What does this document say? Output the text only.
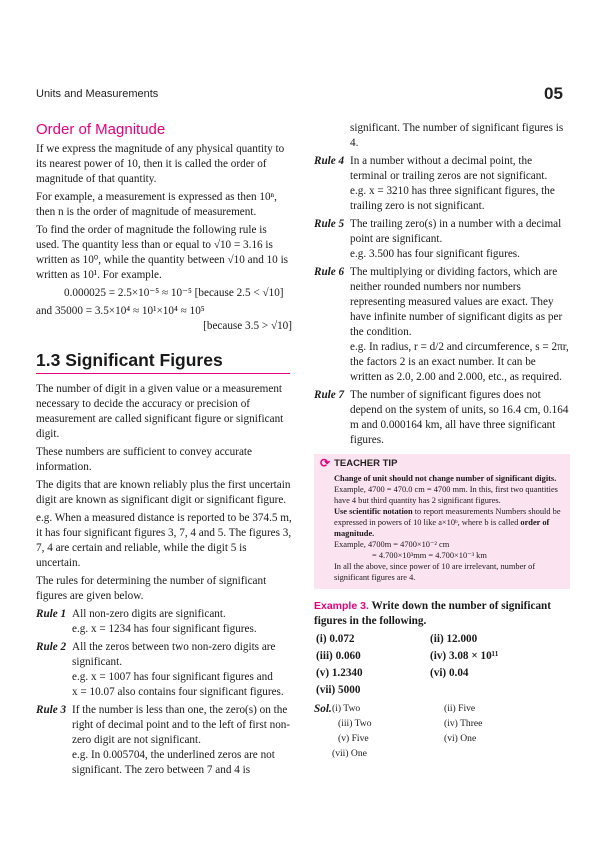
Units and Measurements	05
Order of Magnitude

If we express the magnitude of any physical quantity to its nearest power of 10, then it is called the order of magnitude of that quantity.

For example, a measurement is expressed as then 10ⁿ, then n is the order of magnitude of measurement.

To find the order of magnitude the following rule is used. The quantity less than or equal to √10 = 3.16 is written as 10⁰, while the quantity between √10 and 10 is written as 10¹. For example.

0.000025 = 2.5×10⁻⁵ ≈ 10⁻⁵ [because 2.5 < √10]

and 35000 = 3.5×10⁴ ≈ 10¹×10⁴ ≈ 10⁵

[because 3.5 > √10]

1.3 Significant Figures

The number of digit in a given value or a measurement necessary to decide the accuracy or precision of measurement are called significant figure or significant digit.

These numbers are sufficient to convey accurate information.

The digits that are known reliably plus the first uncertain digit are known as significant digit or significant figure.

e.g. When a measured distance is reported to be 374.5 m, it has four significant figures 3, 7, 4 and 5. The figures 3, 7, 4 are certain and reliable, while the digit 5 is uncertain.

The rules for determining the number of significant figures are given below.

Rule 1 All non-zero digits are significant.

e.g. x = 1234 has four significant figures.

Rule 2 All the zeros between two non-zero digits are significant.

e.g. x = 1007 has four significant figures and

x = 10.07 also contains four significant figures.

Rule 3 If the number is less than one, the zero(s) on the right of decimal point and to the left of first non-zero digit are not significant.

e.g. In 0.005704, the underlined zeros are not significant. The zero between 7 and 4 is

significant. The number of significant figures is 4.

Rule 4 In a number without a decimal point, the terminal or trailing zeros are not significant.

e.g. x = 3210 has three significant figures, the trailing zero is not significant.

Rule 5 The trailing zero(s) in a number with a decimal point are significant.

e.g. 3.500 has four significant figures.

Rule 6 The multiplying or dividing factors, which are neither rounded numbers nor numbers representing measured values are exact. They have infinite number of significant digits as per the condition.

e.g. In radius, r = d/2 and circumference, s = 2πr, the factors 2 is an exact number. It can be written as 2.0, 2.00 and 2.000, etc., as required.

Rule 7 The number of significant figures does not depend on the system of units, so 16.4 cm, 0.164 m and 0.000164 km, all have three significant figures.

⟳ TEACHER TIP

Change of unit should not change number of significant digits.

Example, 4700 = 470.0 cm = 4700 mm. In this, first two quantities have 4 but third quantity has 2 significant figures.

Use scientific notation to report measurements Numbers should be expressed in powers of 10 like a×10ᵇ, where b is called order of magnitude.

Example, 4700m = 4700×10⁻² cm

= 4.700×10³mm = 4.700×10⁻³ km

In all the above, since power of 10 are irrelevant, number of significant figures are 4.

Example 3. Write down the number of significant figures in the following.

(i) 0.072	(ii) 12.000
(iii) 0.060	(iv) 3.08 × 10¹¹
(v) 1.2340	(vi) 0.04
(vii) 5000
Sol. (i) Two	(ii) Five
(iii) Two	(iv) Three
(v) Five	(vi) One
(vii) One
